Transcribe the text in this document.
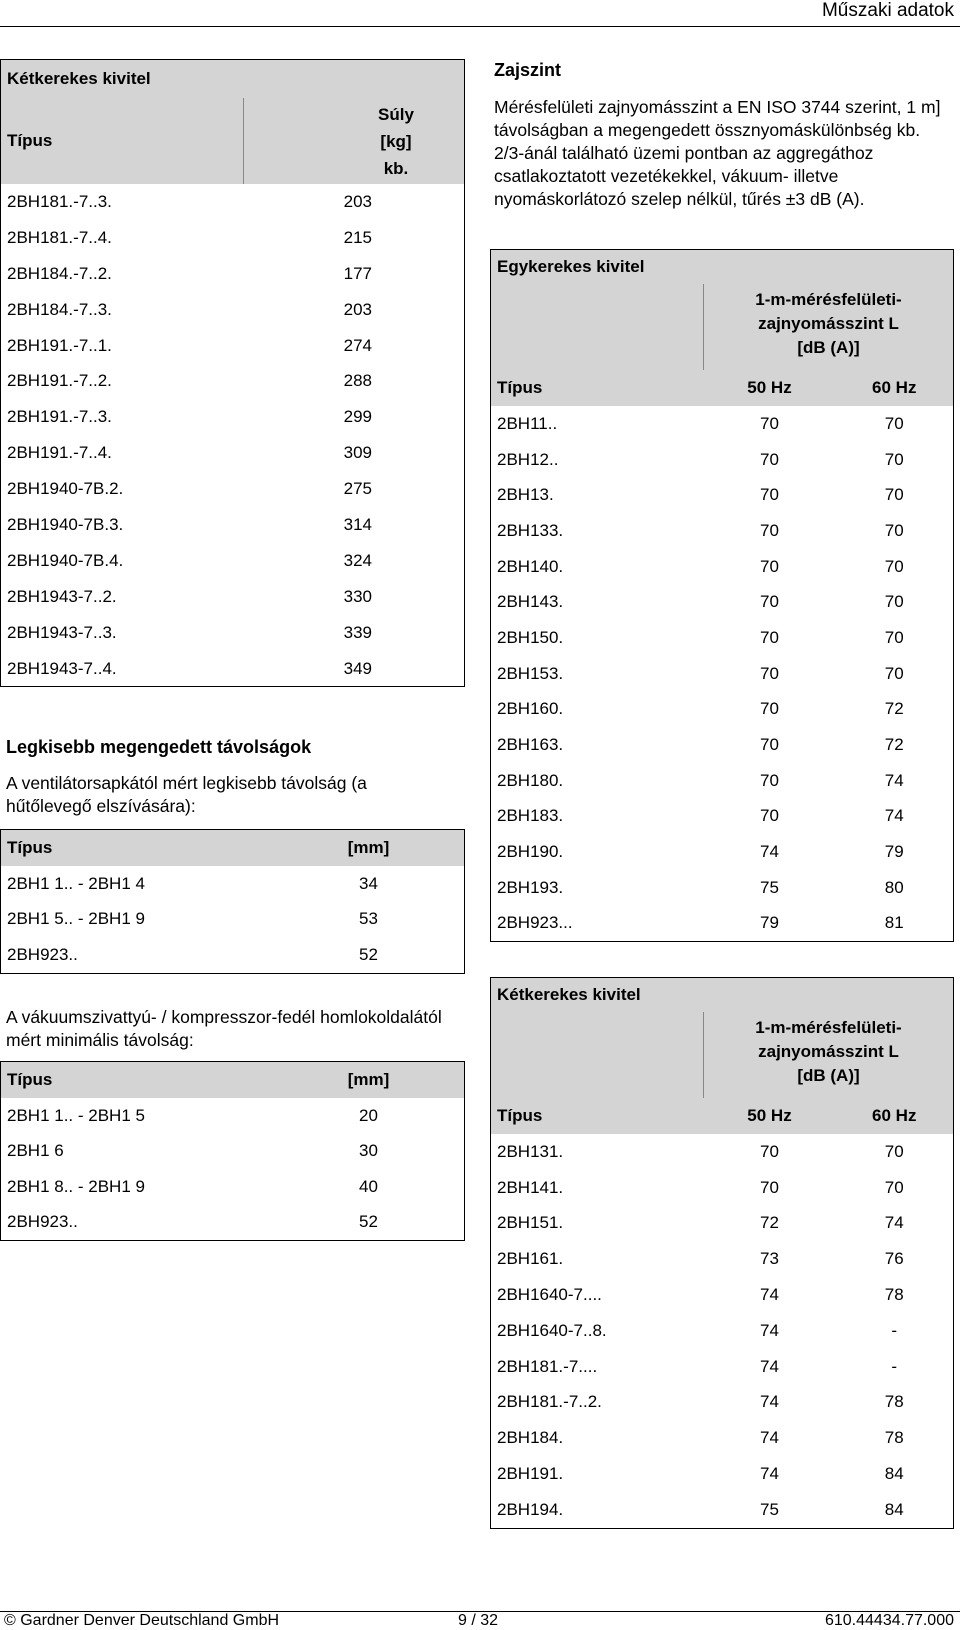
Műszaki adatok
Kétkerekes kivitel	
Típus	Súly
[kg]
kb.

2BH181.-7..3.	203
2BH181.-7..4.	215
2BH184.-7..2.	177
2BH184.-7..3.	203
2BH191.-7..1.	274
2BH191.-7..2.	288
2BH191.-7..3.	299
2BH191.-7..4.	309
2BH1940-7B.2.	275
2BH1940-7B.3.	314
2BH1940-7B.4.	324
2BH1943-7..2.	330
2BH1943-7..3.	339
2BH1943-7..4.	349
Legkisebb megengedett távolságok
A ventilátorsapkától mért legkisebb távolság (a hűtőlevegő elszívására):
Típus	[mm]
2BH1 1.. - 2BH1 4	34
2BH1 5.. - 2BH1 9	53
2BH923..	52
A vákuumszivattyú- / kompresszor-fedél homlokoldalától mért minimális távolság:
Típus	[mm]
2BH1 1.. - 2BH1 5	20
2BH1 6	30
2BH1 8.. - 2BH1 9	40
2BH923..	52
Zajszint
Mérésfelületi zajnyomásszint a EN ISO 3744 szerint, 1 m] távolságban a megengedett össznyomáskülönbség kb. 2/3-ánál található üzemi pontban az aggregáthoz csatlakoztatott vezetékekkel, vákuum- illetve nyomáskorlátozó szelep nélkül, tűrés ±3 dB (A).
Egykerekes kivitel		

	1-m-mérésfelületi-
zajnyomásszint L
[dB (A)]	

Típus	50 Hz	60 Hz
2BH11..	70	70
2BH12..	70	70
2BH13.	70	70
2BH133.	70	70
2BH140.	70	70
2BH143.	70	70
2BH150.	70	70
2BH153.	70	70
2BH160.	70	72
2BH163.	70	72
2BH180.	70	74
2BH183.	70	74
2BH190.	74	79
2BH193.	75	80
2BH923...	79	81
Kétkerekes kivitel		

	1-m-mérésfelületi-
zajnyomásszint L
[dB (A)]	

Típus	50 Hz	60 Hz
2BH131.	70	70
2BH141.	70	70
2BH151.	72	74
2BH161.	73	76
2BH1640-7....	74	78
2BH1640-7..8.	74	-
2BH181.-7....	74	-
2BH181.-7..2.	74	78
2BH184.	74	78
2BH191.	74	84
2BH194.	75	84
© Gardner Denver Deutschland GmbH	9 / 32	610.44434.77.000
